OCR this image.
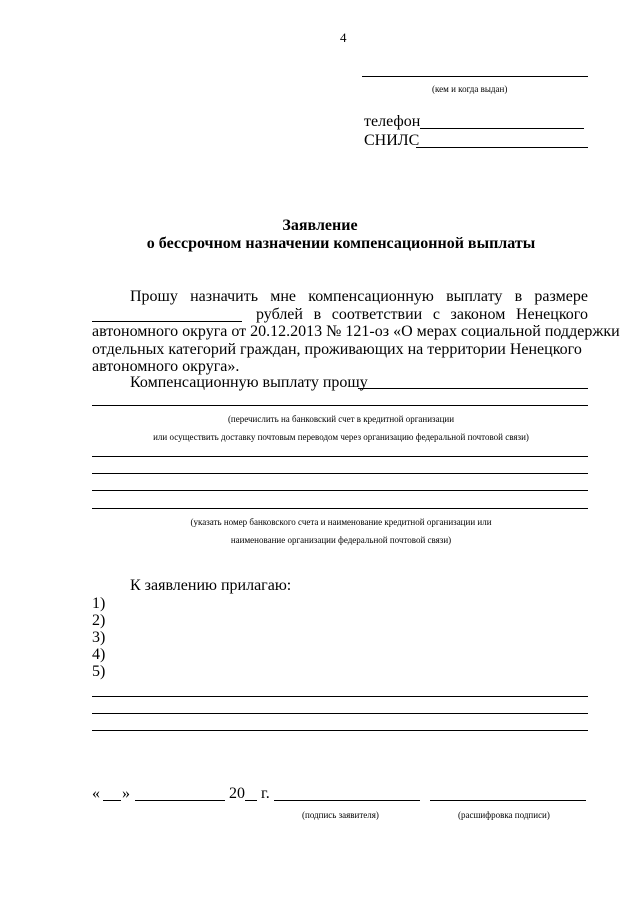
4
(кем и когда выдан)
телефон
СНИЛС
Заявление
о бессрочном назначении компенсационной выплаты
Прошу назначить мне компенсационную выплату в размере
рублей в соответствии с законом Ненецкого
автономного округа от 20.12.2013 № 121-оз «О мерах социальной поддержки
отдельных категорий граждан, проживающих на территории Ненецкого
автономного округа».
Компенсационную выплату прошу
(перечислить на банковский счет в кредитной организации
или осуществить доставку почтовым переводом через организацию федеральной почтовой связи)
(указать номер банковского счета и наименование кредитной организации или
наименование организации федеральной почтовой связи)
К заявлению прилагаю:
1)
2)
3)
4)
5)
« »	20 г.
(подпись заявителя)	(расшифровка подписи)
